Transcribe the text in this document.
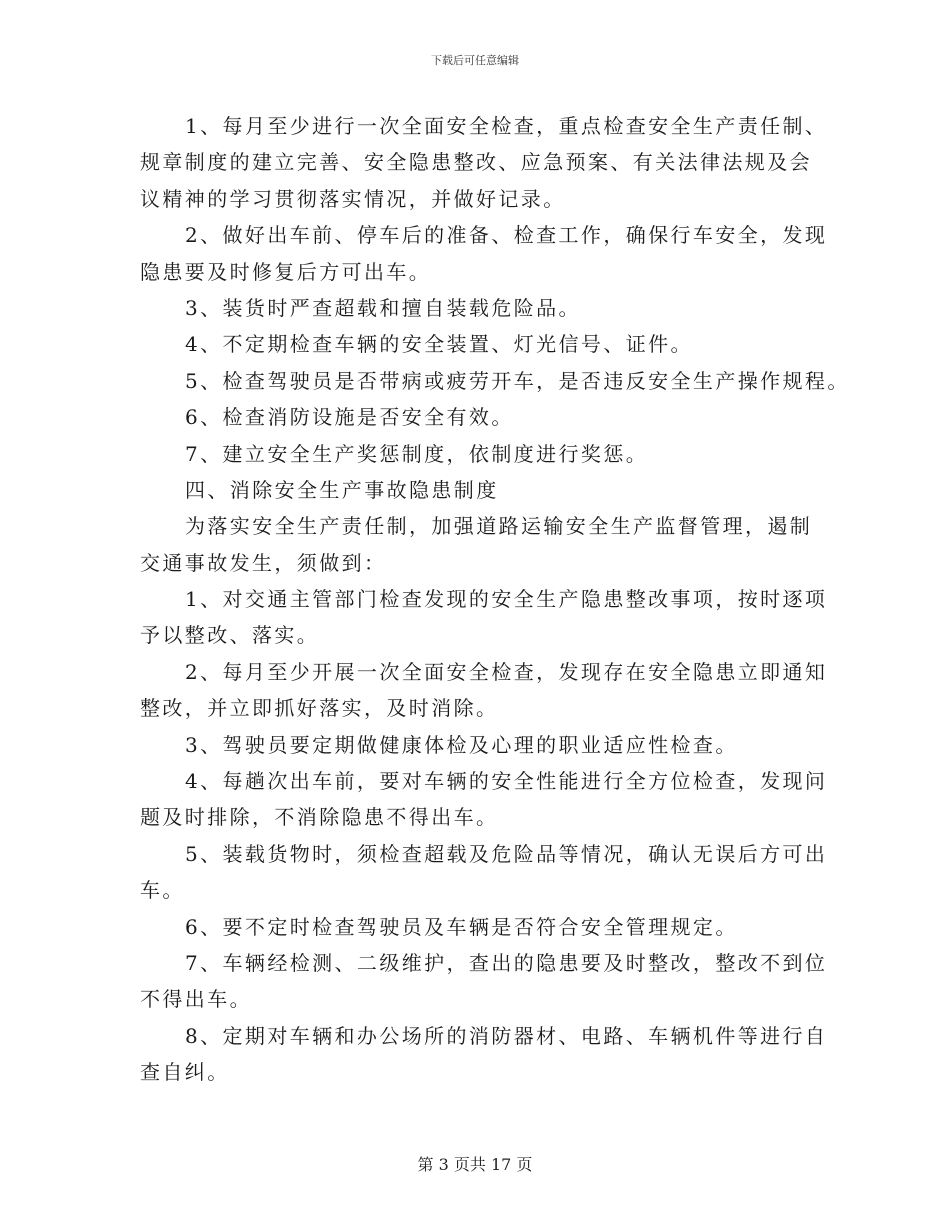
下载后可任意编辑
1、每月至少进行一次全面安全检查，重点检查安全生产责任制、
规章制度的建立完善、安全隐患整改、应急预案、有关法律法规及会
议精神的学习贯彻落实情况，并做好记录。
2、做好出车前、停车后的准备、检查工作，确保行车安全，发现
隐患要及时修复后方可出车。
3、装货时严查超载和擅自装载危险品。
4、不定期检查车辆的安全装置、灯光信号、证件。
5、检查驾驶员是否带病或疲劳开车，是否违反安全生产操作规程。
6、检查消防设施是否安全有效。
7、建立安全生产奖惩制度，依制度进行奖惩。
四、消除安全生产事故隐患制度
为落实安全生产责任制，加强道路运输安全生产监督管理，遏制
交通事故发生，须做到：
1、对交通主管部门检查发现的安全生产隐患整改事项，按时逐项
予以整改、落实。
2、每月至少开展一次全面安全检查，发现存在安全隐患立即通知
整改，并立即抓好落实，及时消除。
3、驾驶员要定期做健康体检及心理的职业适应性检查。
4、每趟次出车前，要对车辆的安全性能进行全方位检查，发现问
题及时排除，不消除隐患不得出车。
5、装载货物时，须检查超载及危险品等情况，确认无误后方可出
车。
6、要不定时检查驾驶员及车辆是否符合安全管理规定。
7、车辆经检测、二级维护，查出的隐患要及时整改，整改不到位
不得出车。
8、定期对车辆和办公场所的消防器材、电路、车辆机件等进行自
查自纠。
第 3 页共 17 页
